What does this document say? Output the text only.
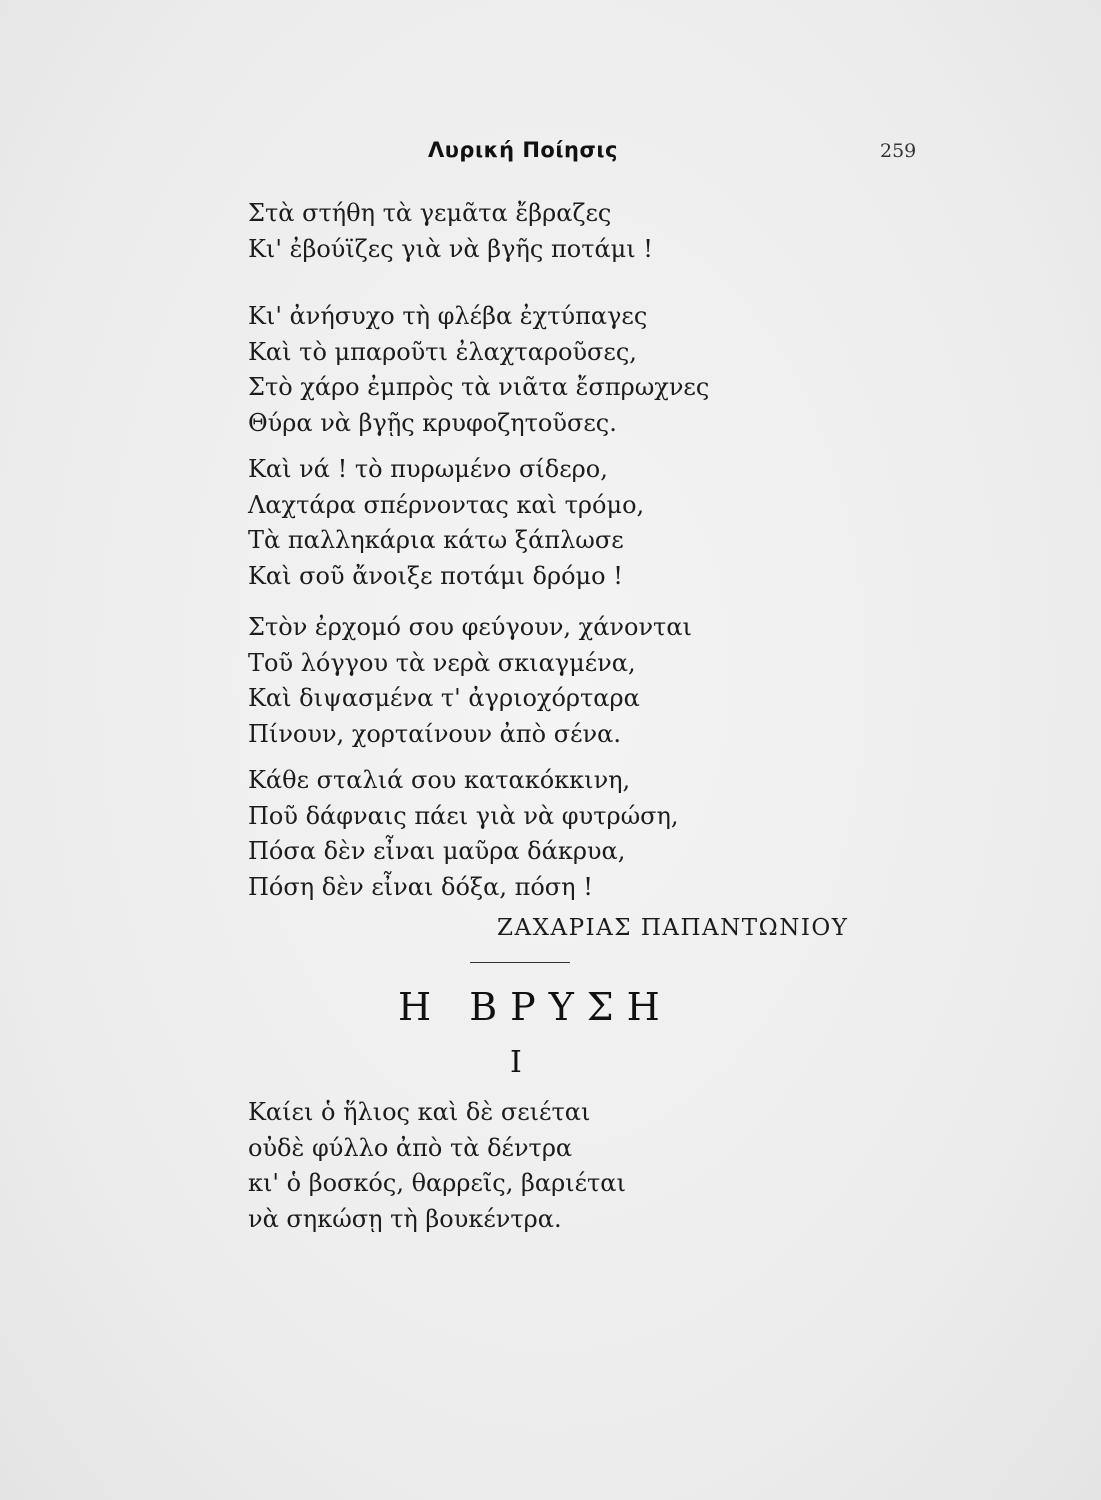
Λυρική Ποίησις	259
Στὰ στήθη τὰ γεμᾶτα ἔβραζες
Κι' ἐβούϊζες γιὰ νὰ βγῆς ποτάμι !
Κι' ἀνήσυχο τὴ φλέβα ἐχτύπαγες
Καὶ τὸ μπαρoῦτι ἐλαχταροῦσες,
Στὸ χάρο ἐμπρὸς τὰ νιᾶτα ἔσπρωχνες
Θύρα νὰ βγῇς κρυφοζητοῦσες.
Καὶ νά ! τὸ πυρωμένο σίδερο,
Λαχτάρα σπέρνοντας καὶ τρόμο,
Τὰ παλληκάρια κάτω ξάπλωσε
Καὶ σοῦ ἄνοιξε ποτάμι δρόμο !
Στὸν ἐρχομό σου φεύγουν, χάνονται
Τοῦ λόγγου τὰ νερὰ σκιαγμένα,
Καὶ διψασμένα τ' ἀγριοχόρταρα
Πίνουν, χορταίνουν ἀπὸ σένα.
Κάθε σταλιά σου κατακόκκινη,
Ποῦ δάφναις πάει γιὰ νὰ φυτρώση,
Πόσα δὲν εἶναι μαῦρα δάκρυα,
Πόση δὲν εἶναι δόξα, πόση !
ΖΑΧΑΡΙΑΣ ΠΑΠΑΝΤΩΝΙΟΥ
Η ΒΡΥΣΗ
I
Καίει ὁ ἥλιος καὶ δὲ σειέται
οὐδὲ φύλλο ἀπὸ τὰ δέντρα
κι' ὁ βοσκός, θαρρεῖς, βαριέται
νὰ σηκώσῃ τὴ βουκέντρα.
